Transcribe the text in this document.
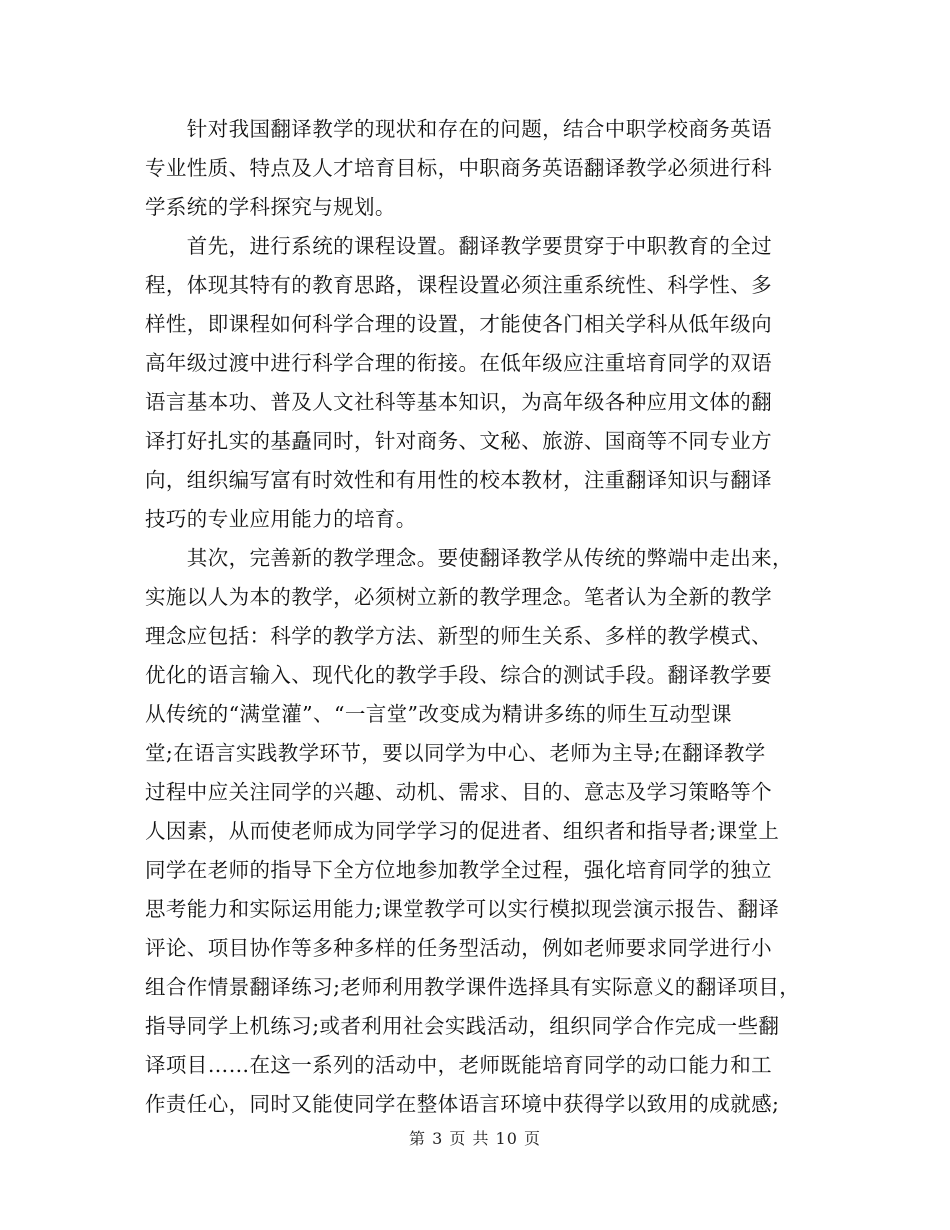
　　针对我国翻译教学的现状和存在的问题，结合中职学校商务英语
专业性质、特点及人才培育目标，中职商务英语翻译教学必须进行科
学系统的学科探究与规划。
　　首先，进行系统的课程设置。翻译教学要贯穿于中职教育的全过
程，体现其特有的教育思路，课程设置必须注重系统性、科学性、多
样性，即课程如何科学合理的设置，才能使各门相关学科从低年级向
高年级过渡中进行科学合理的衔接。在低年级应注重培育同学的双语
语言基本功、普及人文社科等基本知识，为高年级各种应用文体的翻
译打好扎实的基矗同时，针对商务、文秘、旅游、国商等不同专业方
向，组织编写富有时效性和有用性的校本教材，注重翻译知识与翻译
技巧的专业应用能力的培育。
　　其次，完善新的教学理念。要使翻译教学从传统的弊端中走出来，
实施以人为本的教学，必须树立新的教学理念。笔者认为全新的教学
理念应包括：科学的教学方法、新型的师生关系、多样的教学模式、
优化的语言输入、现代化的教学手段、综合的测试手段。翻译教学要
从传统的“满堂灌”、“一言堂”改变成为精讲多练的师生互动型课
堂;在语言实践教学环节，要以同学为中心、老师为主导;在翻译教学
过程中应关注同学的兴趣、动机、需求、目的、意志及学习策略等个
人因素，从而使老师成为同学学习的促进者、组织者和指导者;课堂上
同学在老师的指导下全方位地参加教学全过程，强化培育同学的独立
思考能力和实际运用能力;课堂教学可以实行模拟现尝演示报告、翻译
评论、项目协作等多种多样的任务型活动，例如老师要求同学进行小
组合作情景翻译练习;老师利用教学课件选择具有实际意义的翻译项目，
指导同学上机练习;或者利用社会实践活动，组织同学合作完成一些翻
译项目……在这一系列的活动中，老师既能培育同学的动口能力和工
作责任心，同时又能使同学在整体语言环境中获得学以致用的成就感;
第 3 页 共 10 页
